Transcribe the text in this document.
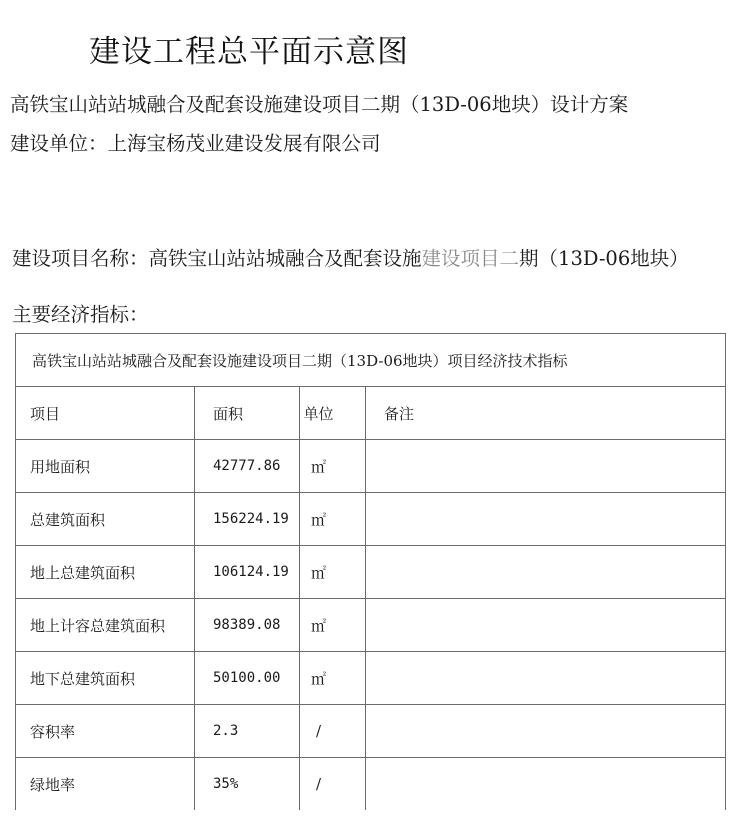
建设工程总平面示意图
高铁宝山站站城融合及配套设施建设项目二期（13D-06地块）设计方案
建设单位：上海宝杨茂业建设发展有限公司
建设项目名称：高铁宝山站站城融合及配套设施建设项目二期（13D-06地块）
主要经济指标：
高铁宝山站站城融合及配套设施建设项目二期（13D-06地块）项目经济技术指标			
项目	面积	单位	备注
用地面积	42777.86	㎡	
总建筑面积	156224.19	㎡	
地上总建筑面积	106124.19	㎡	
地上计容总建筑面积	98389.08	㎡	
地下总建筑面积	50100.00	㎡	
容积率	2.3	/	
绿地率	35%	/	
